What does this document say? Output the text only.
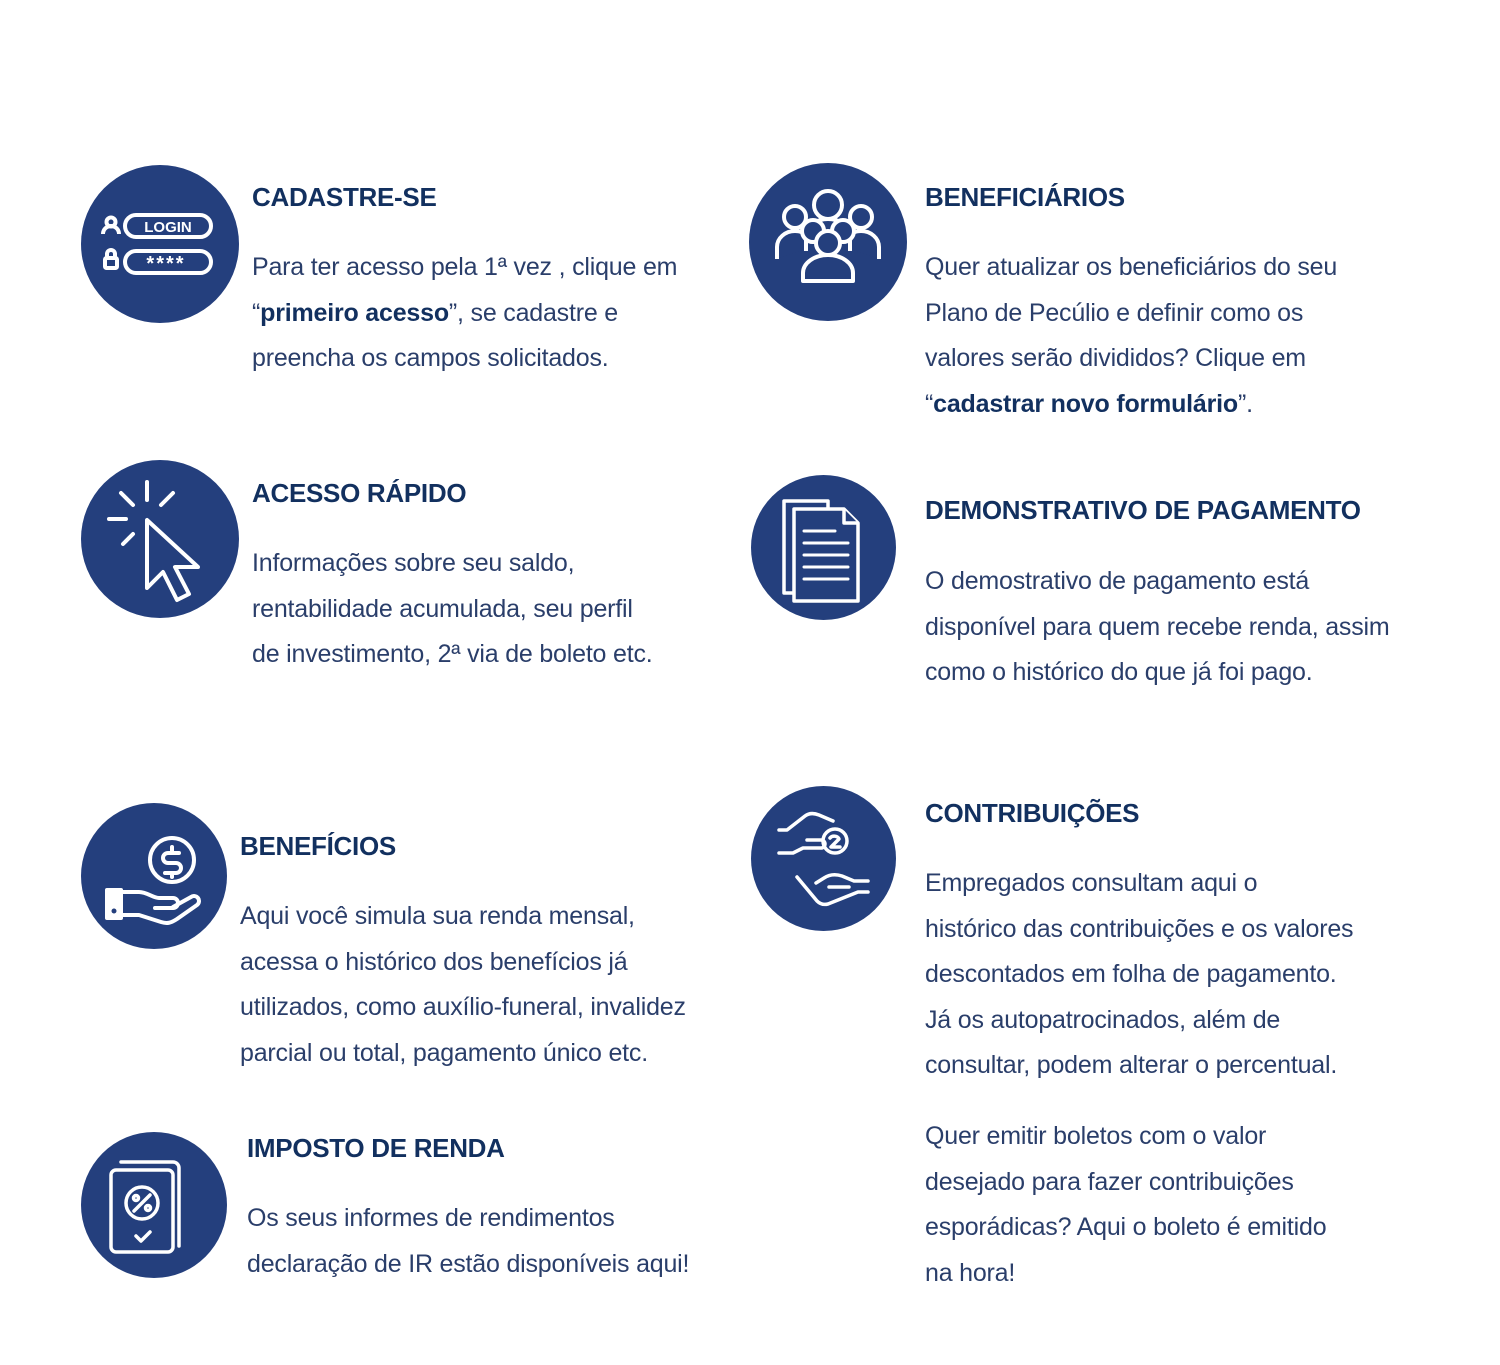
LOGIN
****
CADASTRE-SE
Para ter acesso pela 1ª vez , clique em
“primeiro acesso”, se cadastre e
preencha os campos solicitados.
ACESSO RÁPIDO
Informações sobre seu saldo,
rentabilidade acumulada, seu perfil
de investimento, 2ª via de boleto etc.
BENEFÍCIOS
Aqui você simula sua renda mensal,
acessa o histórico dos benefícios já
utilizados, como auxílio-funeral, invalidez
parcial ou total, pagamento único etc.
IMPOSTO DE RENDA
Os seus informes de rendimentos
declaração de IR estão disponíveis aqui!
BENEFICIÁRIOS
Quer atualizar os beneficiários do seu
Plano de Pecúlio e definir como os
valores serão divididos? Clique em
“cadastrar novo formulário”.
DEMONSTRATIVO DE PAGAMENTO
O demostrativo de pagamento está
disponível para quem recebe renda, assim
como o histórico do que já foi pago.
CONTRIBUIÇÕES
Empregados consultam aqui o
histórico das contribuições e os valores
descontados em folha de pagamento.
Já os autopatrocinados, além de
consultar, podem alterar o percentual.
Quer emitir boletos com o valor
desejado para fazer contribuições
esporádicas? Aqui o boleto é emitido
na hora!
